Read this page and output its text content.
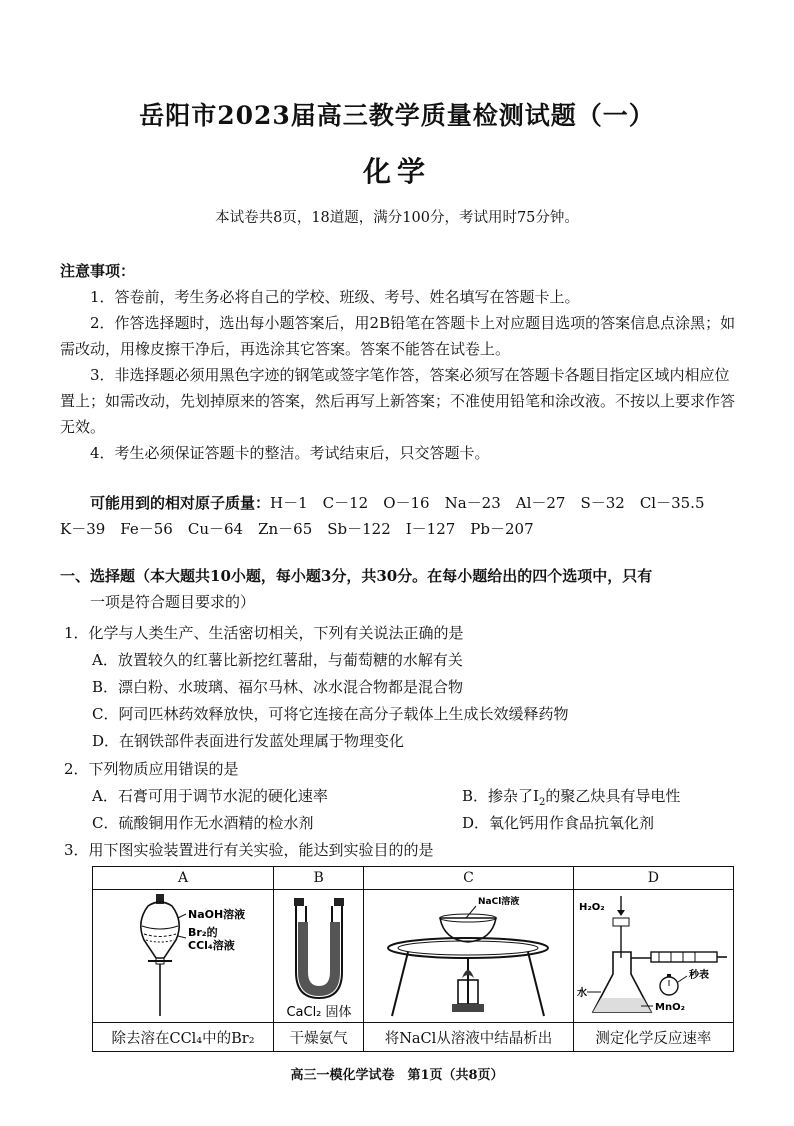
岳阳市2023届高三教学质量检测试题（一）
化学
本试卷共8页，18道题，满分100分，考试用时75分钟。
注意事项：
1．答卷前，考生务必将自己的学校、班级、考号、姓名填写在答题卡上。
2．作答选择题时，选出每小题答案后，用2B铅笔在答题卡上对应题目选项的答案信息点涂黑；如需改动，用橡皮擦干净后，再选涂其它答案。答案不能答在试卷上。
3．非选择题必须用黑色字迹的钢笔或签字笔作答，答案必须写在答题卡各题目指定区域内相应位置上；如需改动，先划掉原来的答案，然后再写上新答案；不准使用铅笔和涂改液。不按以上要求作答无效。
4．考生必须保证答题卡的整洁。考试结束后，只交答题卡。
可能用到的相对原子质量：H－1　C－12　O－16　Na－23　Al－27　S－32　Cl－35.5
K－39　Fe－56　Cu－64　Zn－65　Sb－122　I－127　Pb－207
一、选择题（本大题共10小题，每小题3分，共30分。在每小题给出的四个选项中，只有
一项是符合题目要求的）
1．化学与人类生产、生活密切相关，下列有关说法正确的是
A．放置较久的红薯比新挖红薯甜，与葡萄糖的水解有关
B．漂白粉、水玻璃、福尔马林、冰水混合物都是混合物
C．阿司匹林药效释放快，可将它连接在高分子载体上生成长效缓释药物
D．在钢铁部件表面进行发蓝处理属于物理变化
2．下列物质应用错误的是
A．石膏可用于调节水泥的硬化速率	B．掺杂了$I_2$的聚乙炔具有导电性
C．硫酸铜用作无水酒精的检水剂	D．氧化钙用作食品抗氧化剂
3．用下图实验装置进行有关实验，能达到实验目的的是
A	B	C	D

NaOH溶液
Br₂的
CCl₄溶液	CaCl₂ 固体	NaCl溶液	H₂O₂
秒表
水
MnO₂

除去溶在CCl₄中的Br₂	干燥氨气	将NaCl从溶液中结晶析出	测定化学反应速率
高三一模化学试卷　第1页（共8页）
